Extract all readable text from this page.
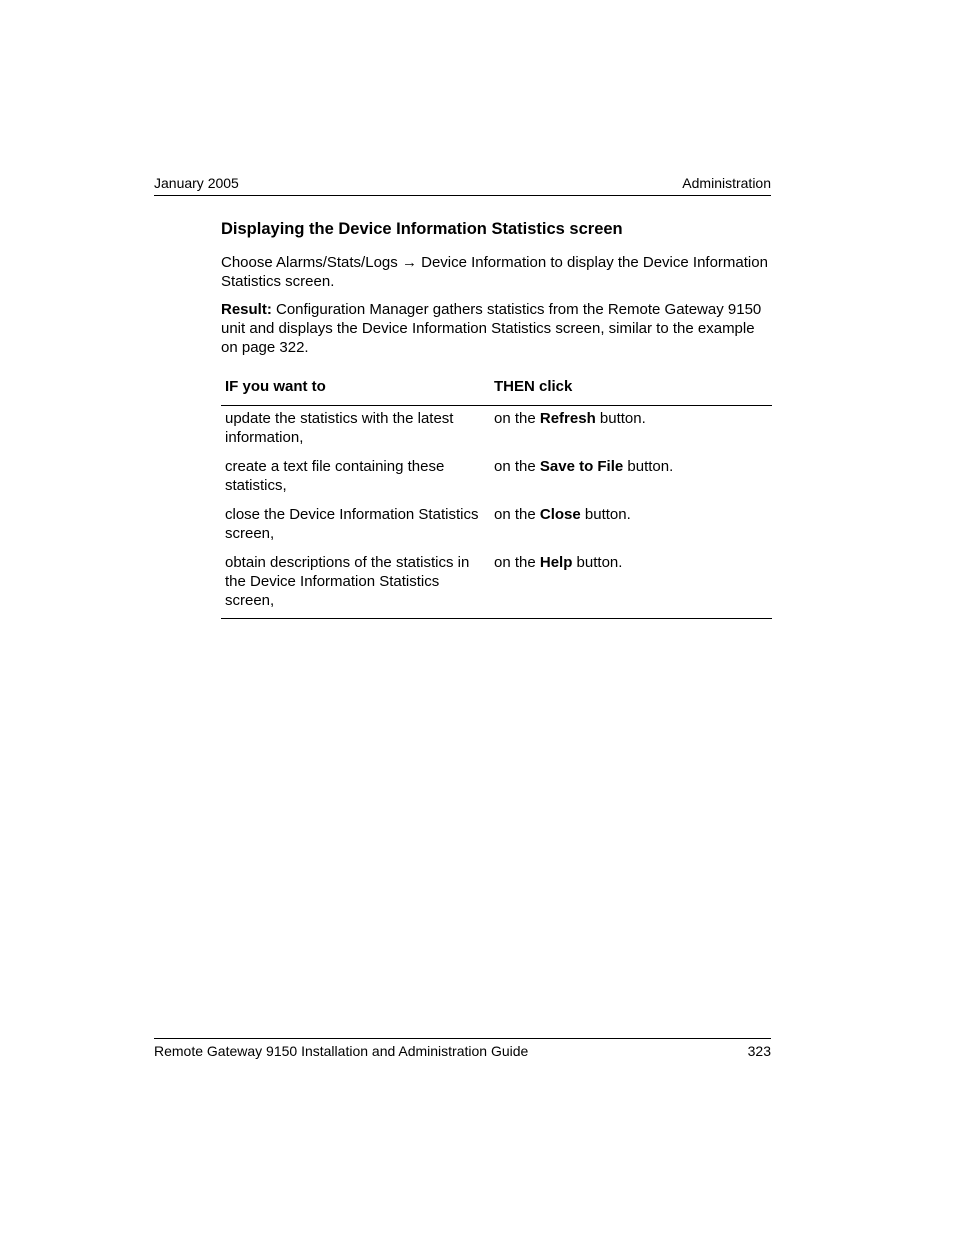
January 2005	Administration
Displaying the Device Information Statistics screen

Choose Alarms/Stats/Logs → Device Information to display the Device Information Statistics screen.

Result: Configuration Manager gathers statistics from the Remote Gateway 9150 unit and displays the Device Information Statistics screen, similar to the example on page 322.

IF you want to	THEN click
update the statistics with the latest information,	on the Refresh button.
create a text file containing these statistics,	on the Save to File button.
close the Device Information Statistics screen,	on the Close button.
obtain descriptions of the statistics in the Device Information Statistics screen,	on the Help button.
Remote Gateway 9150 Installation and Administration Guide	323
